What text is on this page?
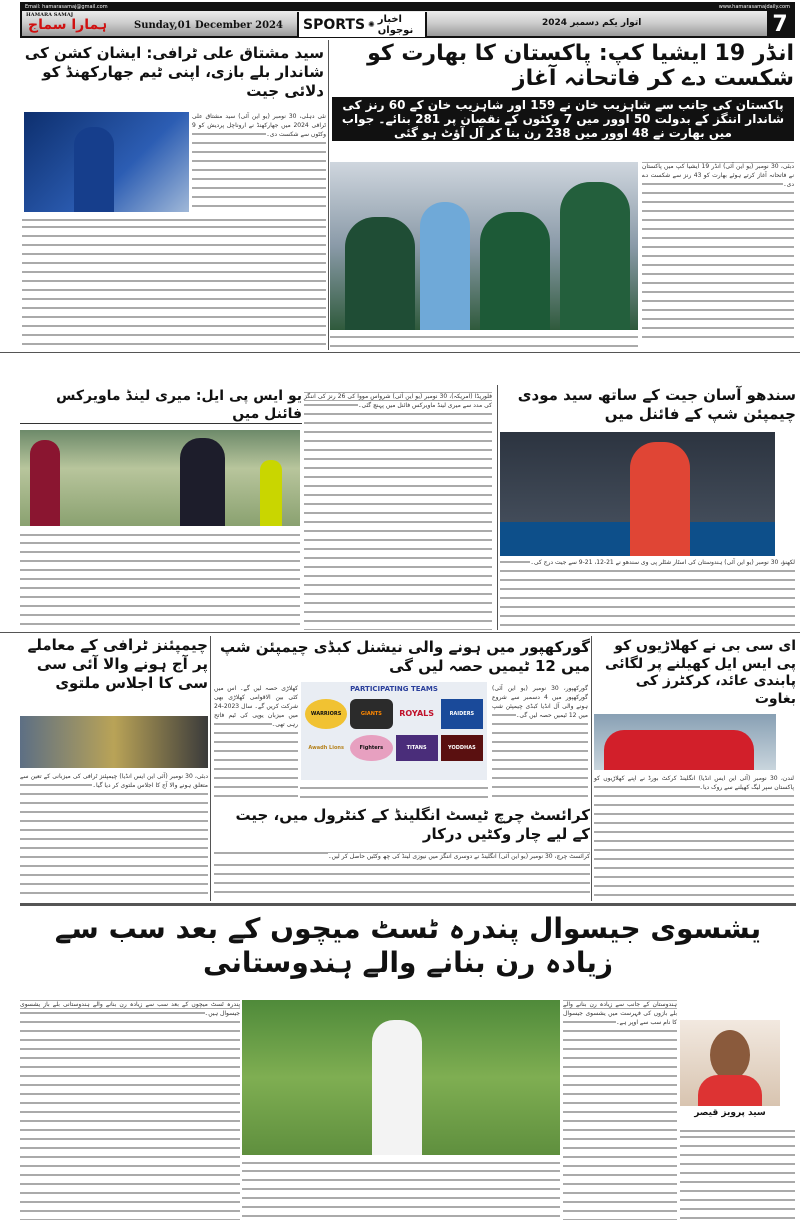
Email: hamarasamaj@gmail.com	www.hamarasamajdaily.com
HAMARA SAMAJ
ہمارا سماج	Sunday,01 December 2024 SPORTS ✺ اخبار نوجواں
اتوار یکم دسمبر 2024	7
انڈر 19 ایشیا کپ: پاکستان کا بھارت کو شکست دے کر فاتحانہ آغاز
پاکستان کی جانب سے شاہزیب خان نے 159 اور شاہزیب خان کے 60 رنز کی شاندار اننگز کے بدولت 50 اوور میں 7 وکٹوں کے نقصان پر 281 بنائے۔ جواب میں بھارت نے 48 اوور میں 238 رن بنا کر آل آؤٹ ہو گئی
دبئی، 30 نومبر (یو این آئی) انڈر 19 ایشیا کپ میں پاکستان نے فاتحانہ آغاز کرتے ہوئے بھارت کو 43 رنز سے شکست دے دی۔
سید مشتاق علی ٹرافی: ایشان کشن کی شاندار بلے بازی، اپنی ٹیم جھارکھنڈ کو دلائی جیت
نئی دہلی، 30 نومبر (یو این آئی) سید مشتاق علی ٹرافی 2024 میں جھارکھنڈ نے اروناچل پردیش کو 9 وکٹوں سے شکست دی۔
یو ایس پی ایل: میری لینڈ ماویرکس فائنل میں
فلوریڈا (امریکہ)، 30 نومبر (یو این آئی) شرواس مووا کی 26 رنز کی اننگز کی مدد سے میری لینڈ ماویرکس فائنل میں پہنچ گئی۔
سندھو آسان جیت کے ساتھ سید مودی چیمپئن شپ کے فائنل میں
لکھنؤ، 30 نومبر (یو این آئی) ہندوستان کی اسٹار شٹلر پی وی سندھو نے 21-12، 21-9 سے جیت درج کی۔
چیمپئنز ٹرافی کے معاملے پر آج ہونے والا آئی سی سی کا اجلاس ملتوی
دبئی، 30 نومبر (آئی این ایس انڈیا) چیمپئنز ٹرافی کی میزبانی کے تعین سے متعلق ہونے والا آج کا اجلاس ملتوی کر دیا گیا۔
گورکھپور میں ہونے والی نیشنل کبڈی چیمپئن شپ میں 12 ٹیمیں حصہ لیں گی
کھلاڑی حصہ لیں گے۔ اس میں کئی بین الاقوامی کھلاڑی بھی شرکت کریں گے۔ سال 2023-24 میں میزبان یوپی کی ٹیم فاتح رہی تھی۔
PARTICIPATING TEAMS
WARRIORS	GIANTS	ROYALS	RAIDERS
Awadh Lions	Fighters	TITANS	YODDHAS
گورکھپور، 30 نومبر (یو این آئی) گورکھپور میں 4 دسمبر سے شروع ہونے والی آل انڈیا کبڈی چیمپئن شپ میں 12 ٹیمیں حصہ لیں گی۔
ای سی بی نے کھلاڑیوں کو پی ایس ایل کھیلنے پر لگائی پابندی عائد، کرکٹرز کی بغاوت
لندن، 30 نومبر (آئی این ایس انڈیا) انگلینڈ کرکٹ بورڈ نے اپنے کھلاڑیوں کو پاکستان سپر لیگ کھیلنے سے روک دیا۔
کرائسٹ چرچ ٹیسٹ انگلینڈ کے کنٹرول میں، جیت کے لیے چار وکٹیں درکار
کرائسٹ چرچ، 30 نومبر (یو این آئی) انگلینڈ نے دوسری اننگز میں نیوزی لینڈ کی چھ وکٹیں حاصل کر لیں۔
یشسوی جیسوال پندرہ ٹسٹ میچوں کے بعد سب سے زیادہ رن بنانے والے ہندوستانی
پندرہ ٹسٹ میچوں کے بعد سب سے زیادہ رن بنانے والے ہندوستانی بلے باز یشسوی جیسوال ہیں۔
ہندوستان کے جانب سے زیادہ رن بنانے والے بلے بازوں کی فہرست میں یشسوی جیسوال کا نام سب سے اوپر ہے۔
سید پرویز قیصر
